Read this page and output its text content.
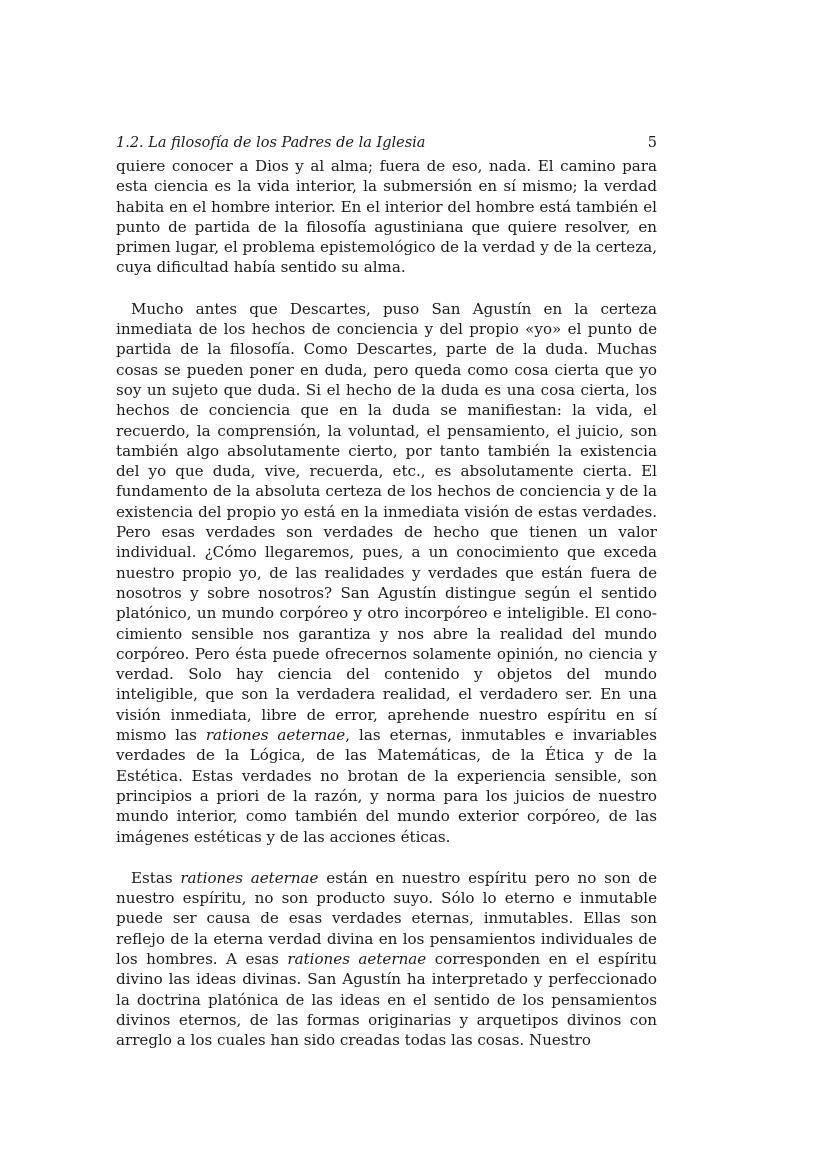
1.2. La filosofía de los Padres de la Iglesia	5

quiere conocer a Dios y al alma; fuera de eso, nada. El camino para esta ciencia es la vida interior, la submersión en sí mismo; la verdad habita en el hombre interior. En el interior del hombre está también el punto de partida de la filosofía agustiniana que quiere resolver, en primen lugar, el problema epistemológico de la verdad y de la certeza, cuya dificultad había sentido su alma.

Mucho antes que Descartes, puso San Agustín en la certeza inmediata de los hechos de conciencia y del propio «yo» el punto de partida de la filosofía. Como Descartes, parte de la duda. Muchas cosas se pueden poner en duda, pero queda como cosa cierta que yo soy un sujeto que duda. Si el hecho de la duda es una cosa cierta, los hechos de conciencia que en la duda se manifiestan: la vida, el recuerdo, la comprensión, la voluntad, el pensamiento, el juicio, son también algo absolutamente cierto, por tanto también la existencia del yo que duda, vive, recuerda, etc., es absolutamente cierta. El fundamento de la absoluta certeza de los hechos de conciencia y de la existencia del propio yo está en la inmediata visión de estas verdades. Pero esas verdades son verdades de hecho que tienen un valor individual. ¿Cómo llegaremos, pues, a un conocimiento que exceda nuestro propio yo, de las realidades y verdades que están fuera de nosotros y sobre nosotros? San Agustín distingue según el sentido platónico, un mundo corpóreo y otro incorpóreo e inteligible. El conocimiento sensible nos garantiza y nos abre la realidad del mundo corpóreo. Pero ésta puede ofrecernos solamente opinión, no ciencia y verdad. Solo hay ciencia del contenido y objetos del mundo inteligible, que son la verdadera realidad, el verdadero ser. En una visión inmediata, libre de error, aprehende nuestro espíritu en sí mismo las rationes aeternae, las eternas, inmutables e invariables verdades de la Lógica, de las Matemáticas, de la Ética y de la Estética. Estas verdades no brotan de la experiencia sensible, son principios a priori de la razón, y norma para los juicios de nuestro mundo interior, como también del mundo exterior corpóreo, de las imágenes estéticas y de las acciones éticas.

Estas rationes aeternae están en nuestro espíritu pero no son de nuestro espíritu, no son producto suyo. Sólo lo eterno e inmutable puede ser causa de esas verdades eternas, inmutables. Ellas son reflejo de la eterna verdad divina en los pensamientos individuales de los hombres. A esas rationes aeternae corresponden en el espíritu divino las ideas divinas. San Agustín ha interpretado y perfeccionado la doctrina platónica de las ideas en el sentido de los pensamientos divinos eternos, de las formas originarias y arquetipos divinos con arreglo a los cuales han sido creadas todas las cosas. Nuestro
